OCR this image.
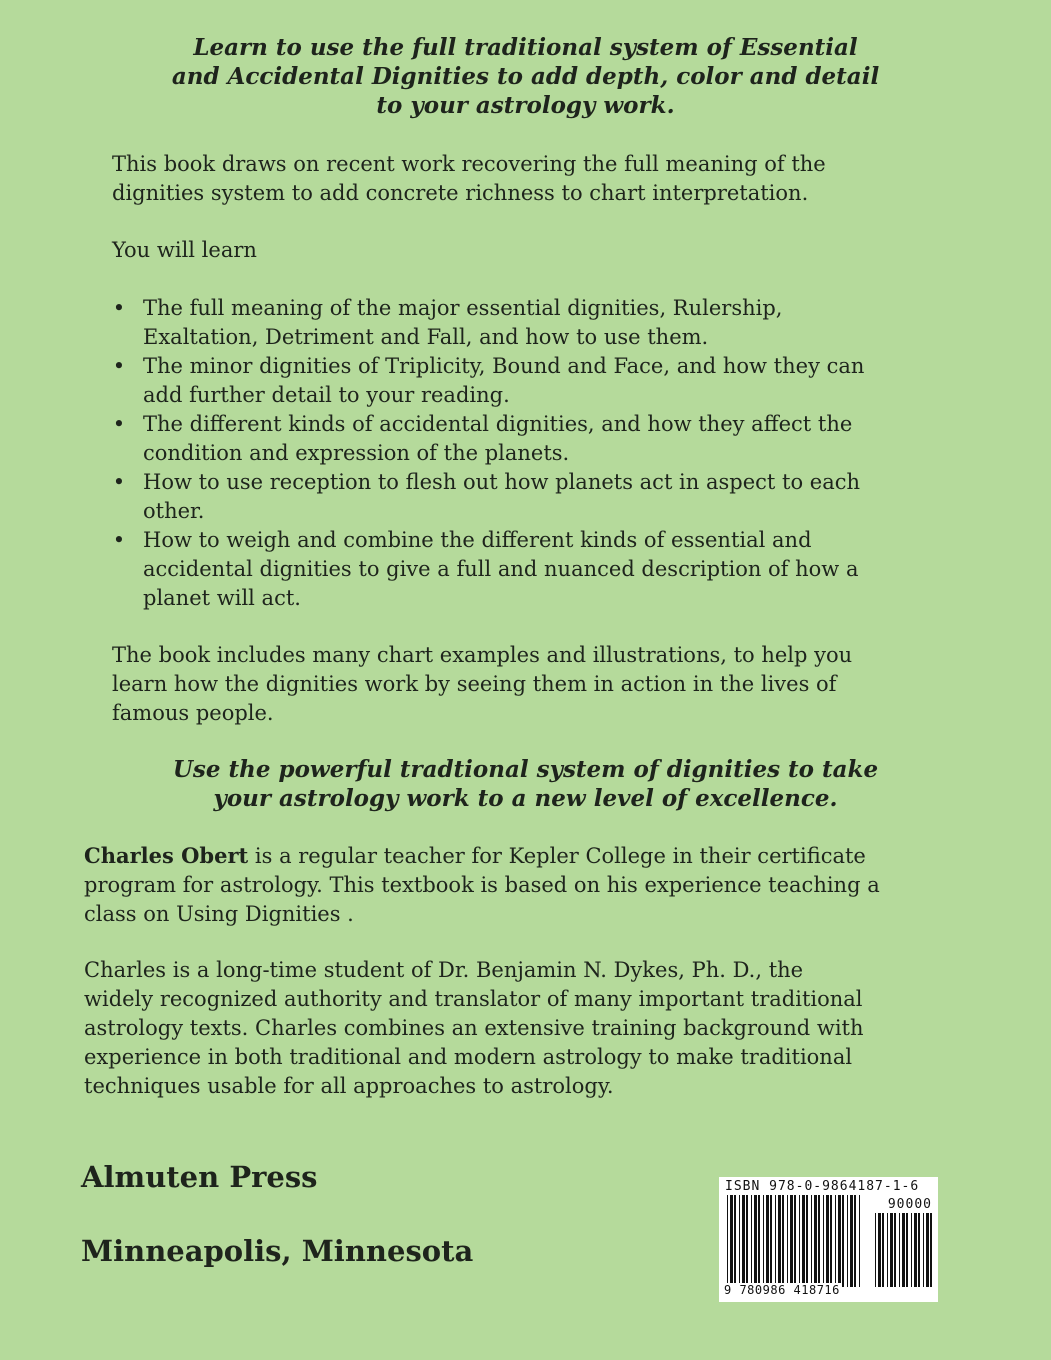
Learn to use the full traditional system of Essential
and Accidental Dignities to add depth, color and detail
to your astrology work.
This book draws on recent work recovering the full meaning of the
dignities system to add concrete richness to chart interpretation.
You will learn
• The full meaning of the major essential dignities, Rulership,
Exaltation, Detriment and Fall, and how to use them.
• The minor dignities of Triplicity, Bound and Face, and how they can
add further detail to your reading.
• The different kinds of accidental dignities, and how they affect the
condition and expression of the planets.
• How to use reception to flesh out how planets act in aspect to each
other.
• How to weigh and combine the different kinds of essential and
accidental dignities to give a full and nuanced description of how a
planet will act.
The book includes many chart examples and illustrations, to help you
learn how the dignities work by seeing them in action in the lives of
famous people.
Use the powerful tradtional system of dignities to take
your astrology work to a new level of excellence.
Charles Obert is a regular teacher for Kepler College in their certificate
program for astrology. This textbook is based on his experience teaching a
class on Using Dignities .
Charles is a long-time student of Dr. Benjamin N. Dykes, Ph. D., the
widely recognized authority and translator of many important traditional
astrology texts. Charles combines an extensive training background with
experience in both traditional and modern astrology to make traditional
techniques usable for all approaches to astrology.
Almuten Press
Minneapolis, Minnesota
ISBN 978-0-9864187-1-6
90000
9 780986 418716
